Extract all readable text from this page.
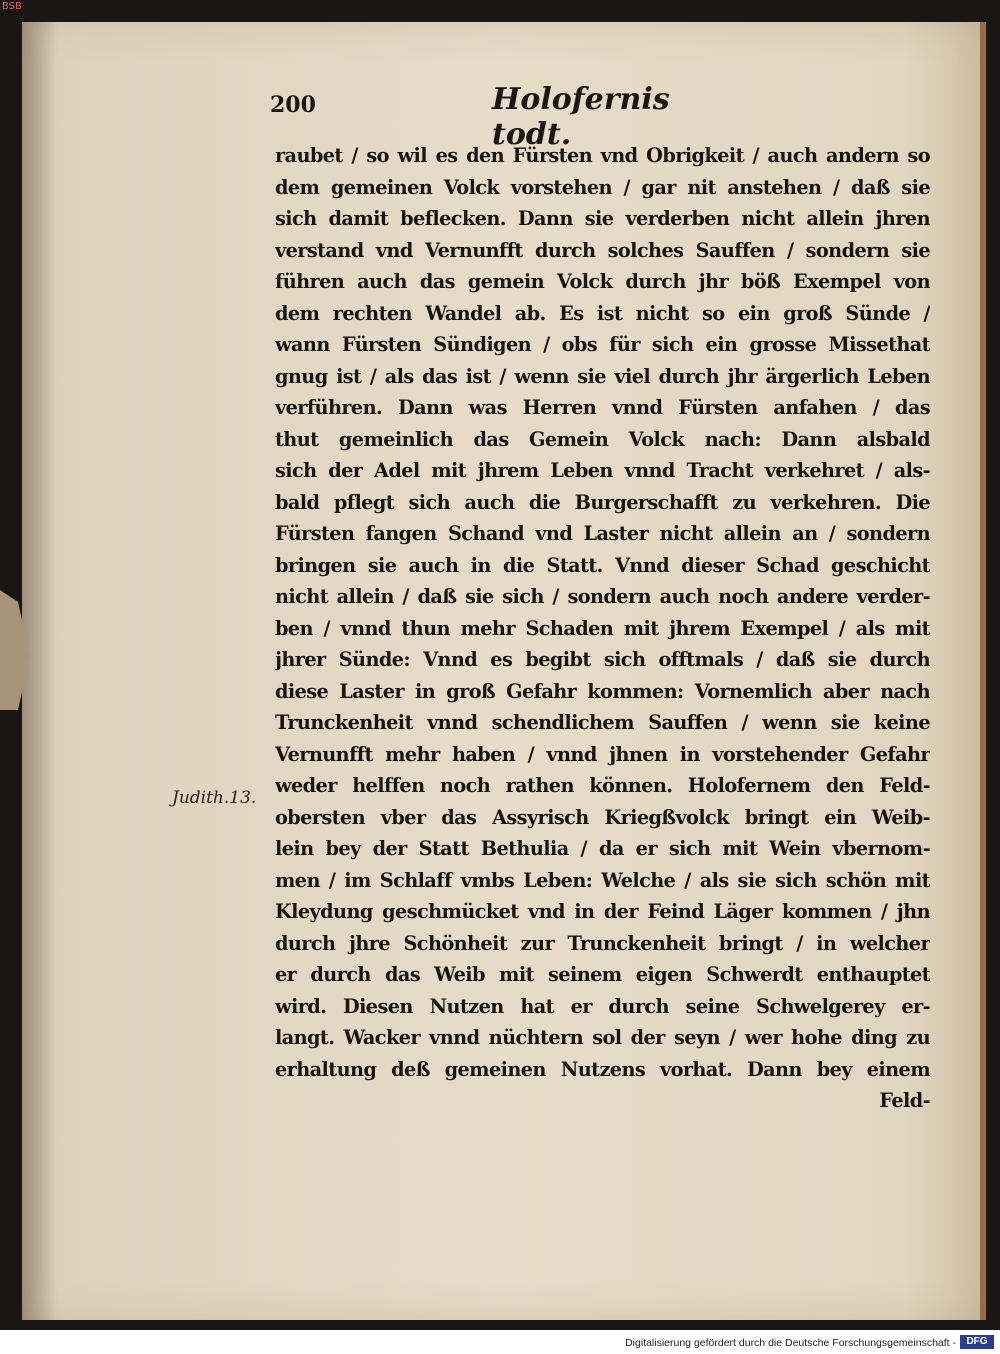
BSB
200	Holofernis todt.
Judith.13.
raubet / so wil es den Fürsten vnd Obrigkeit / auch andern so
dem gemeinen Volck vorstehen / gar nit anstehen / daß sie
sich damit beflecken. Dann sie verderben nicht allein jhren
verstand vnd Vernunfft durch solches Sauffen / sondern sie
führen auch das gemein Volck durch jhr böß Exempel von
dem rechten Wandel ab. Es ist nicht so ein groß Sünde /
wann Fürsten Sündigen / obs für sich ein grosse Missethat
gnug ist / als das ist / wenn sie viel durch jhr ärgerlich Leben
verführen. Dann was Herren vnnd Fürsten anfahen / das
thut gemeinlich das Gemein Volck nach: Dann alsbald
sich der Adel mit jhrem Leben vnnd Tracht verkehret / als-
bald pflegt sich auch die Burgerschafft zu verkehren. Die
Fürsten fangen Schand vnd Laster nicht allein an / sondern
bringen sie auch in die Statt. Vnnd dieser Schad geschicht
nicht allein / daß sie sich / sondern auch noch andere verder-
ben / vnnd thun mehr Schaden mit jhrem Exempel / als mit
jhrer Sünde: Vnnd es begibt sich offtmals / daß sie durch
diese Laster in groß Gefahr kommen: Vornemlich aber nach
Trunckenheit vnnd schendlichem Sauffen / wenn sie keine
Vernunfft mehr haben / vnnd jhnen in vorstehender Gefahr
weder helffen noch rathen können. Holofernem den Feld-
obersten vber das Assyrisch Kriegßvolck bringt ein Weib-
lein bey der Statt Bethulia / da er sich mit Wein vbernom-
men / im Schlaff vmbs Leben: Welche / als sie sich schön mit
Kleydung geschmücket vnd in der Feind Läger kommen / jhn
durch jhre Schönheit zur Trunckenheit bringt / in welcher
er durch das Weib mit seinem eigen Schwerdt enthauptet
wird. Diesen Nutzen hat er durch seine Schwelgerey er-
langt. Wacker vnnd nüchtern sol der seyn / wer hohe ding zu
erhaltung deß gemeinen Nutzens vorhat. Dann bey einem
Feld-
Digitalisierung gefördert durch die Deutsche Forschungsgemeinschaft -	DFG
